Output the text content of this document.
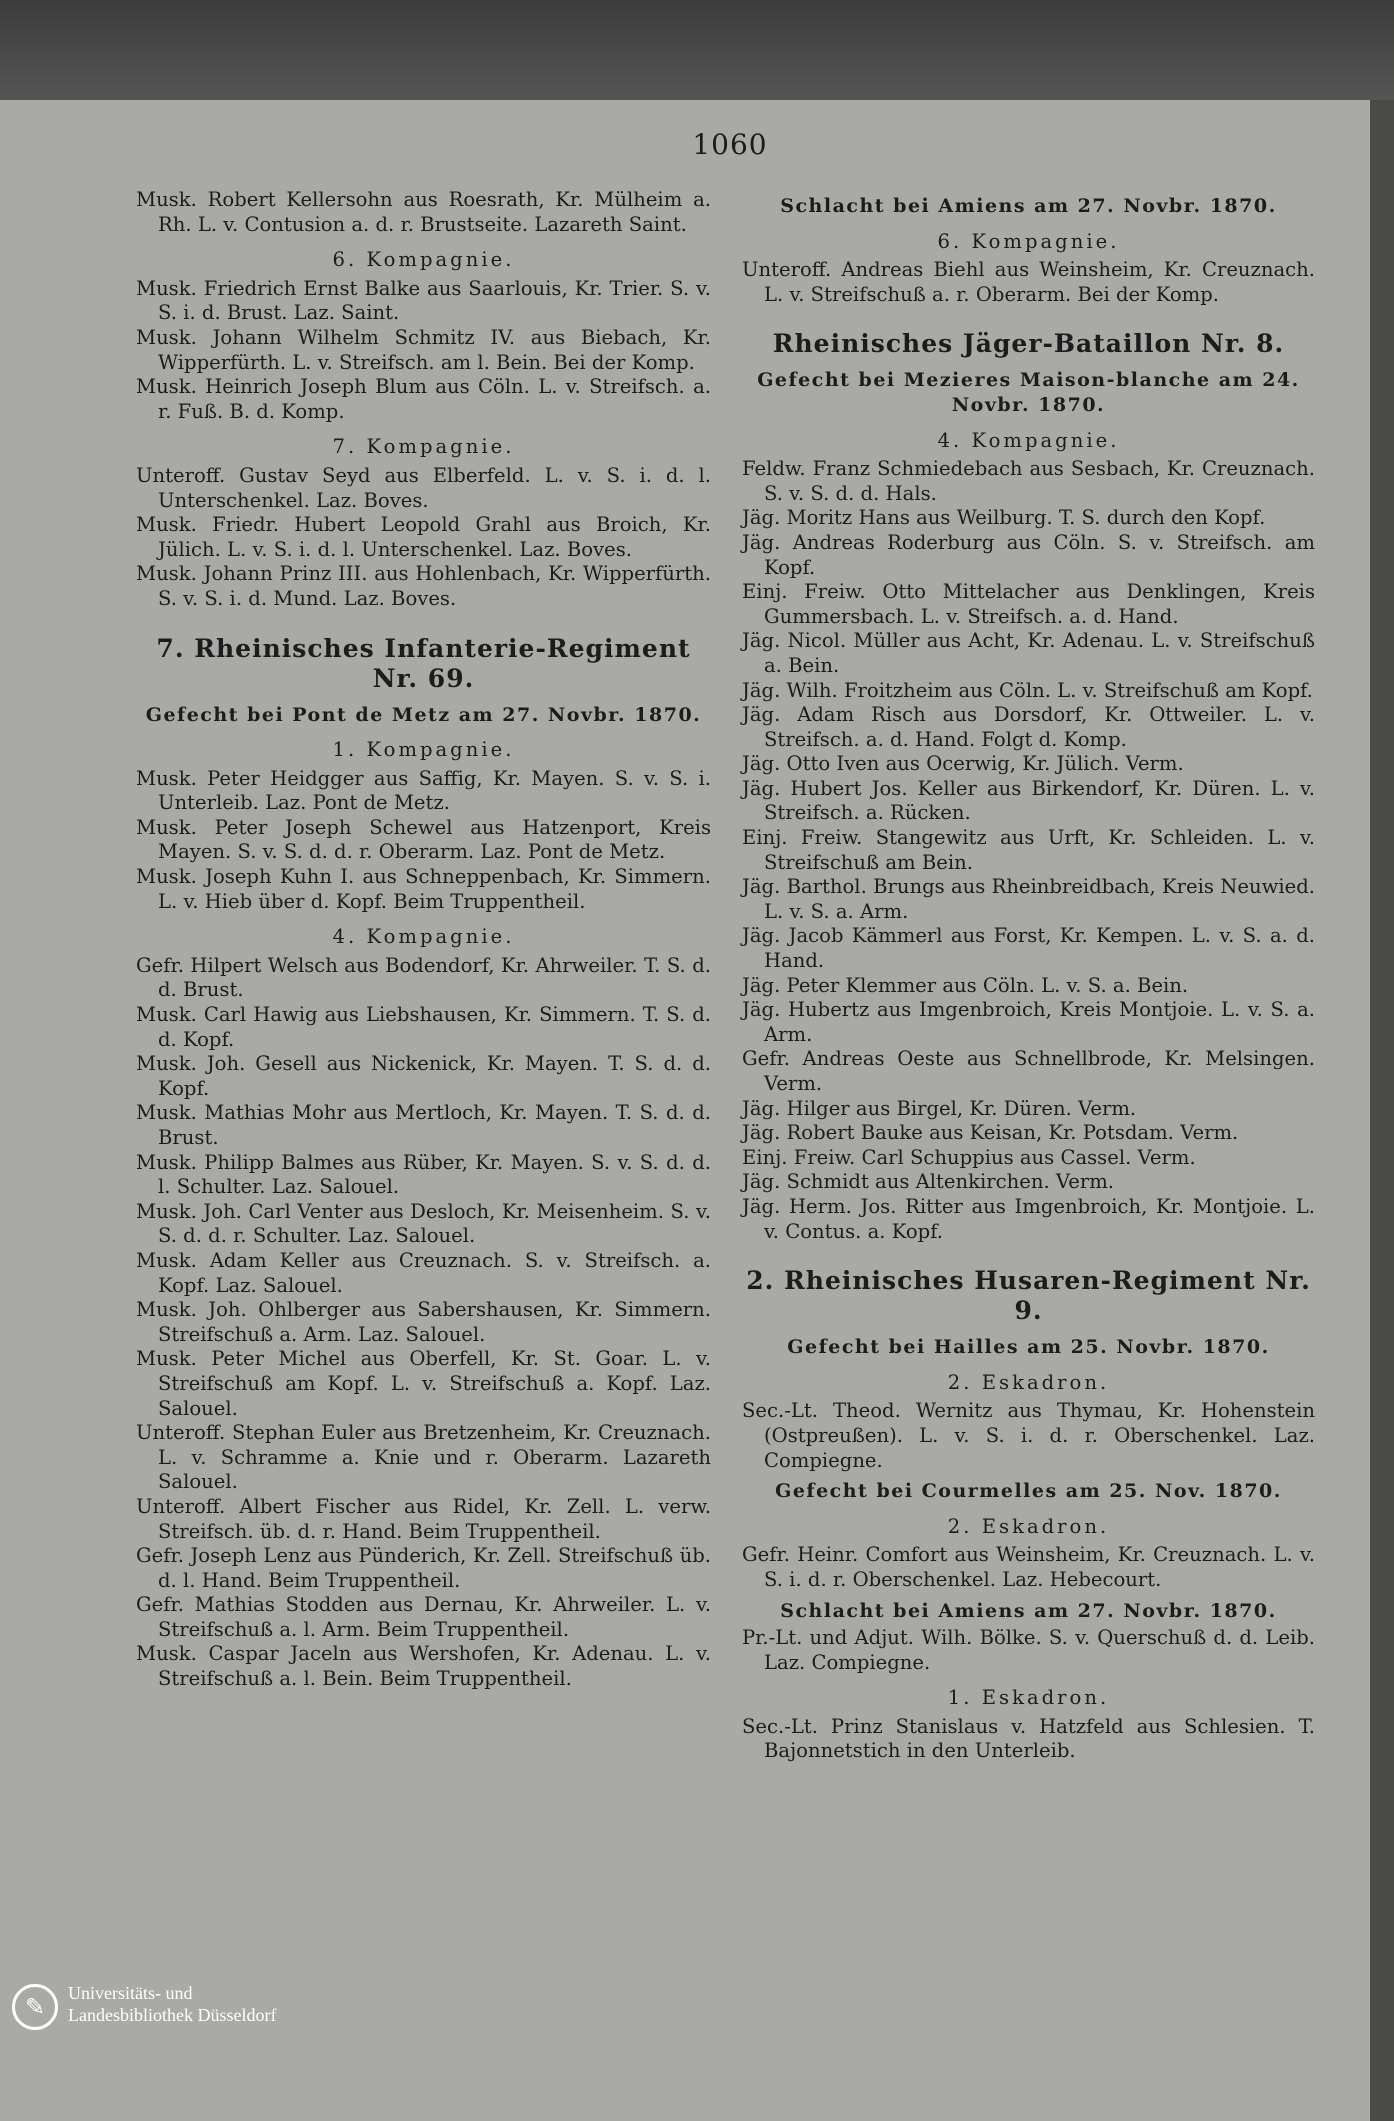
1060
Musk. Robert Kellersohn aus Roesrath, Kr. Mülheim a. Rh. L. v. Contusion a. d. r. Brustseite. Lazareth Saint.
6. Kompagnie.
Musk. Friedrich Ernst Balke aus Saarlouis, Kr. Trier. S. v. S. i. d. Brust. Laz. Saint.
Musk. Johann Wilhelm Schmitz IV. aus Biebach, Kr. Wipperfürth. L. v. Streifsch. am l. Bein. Bei der Komp.
Musk. Heinrich Joseph Blum aus Cöln. L. v. Streifsch. a. r. Fuß. B. d. Komp.
7. Kompagnie.
Unteroff. Gustav Seyd aus Elberfeld. L. v. S. i. d. l. Unterschenkel. Laz. Boves.
Musk. Friedr. Hubert Leopold Grahl aus Broich, Kr. Jülich. L. v. S. i. d. l. Unterschenkel. Laz. Boves.
Musk. Johann Prinz III. aus Hohlenbach, Kr. Wipperfürth. S. v. S. i. d. Mund. Laz. Boves.
7. Rheinisches Infanterie-Regiment Nr. 69.
Gefecht bei Pont de Metz am 27. Novbr. 1870.
1. Kompagnie.
Musk. Peter Heidgger aus Saffig, Kr. Mayen. S. v. S. i. Unterleib. Laz. Pont de Metz.
Musk. Peter Joseph Schewel aus Hatzenport, Kreis Mayen. S. v. S. d. d. r. Oberarm. Laz. Pont de Metz.
Musk. Joseph Kuhn I. aus Schneppenbach, Kr. Simmern. L. v. Hieb über d. Kopf. Beim Truppentheil.
4. Kompagnie.
Gefr. Hilpert Welsch aus Bodendorf, Kr. Ahrweiler. T. S. d. d. Brust.
Musk. Carl Hawig aus Liebshausen, Kr. Simmern. T. S. d. d. Kopf.
Musk. Joh. Gesell aus Nickenick, Kr. Mayen. T. S. d. d. Kopf.
Musk. Mathias Mohr aus Mertloch, Kr. Mayen. T. S. d. d. Brust.
Musk. Philipp Balmes aus Rüber, Kr. Mayen. S. v. S. d. d. l. Schulter. Laz. Salouel.
Musk. Joh. Carl Venter aus Desloch, Kr. Meisenheim. S. v. S. d. d. r. Schulter. Laz. Salouel.
Musk. Adam Keller aus Creuznach. S. v. Streifsch. a. Kopf. Laz. Salouel.
Musk. Joh. Ohlberger aus Sabershausen, Kr. Simmern. Streifschuß a. Arm. Laz. Salouel.
Musk. Peter Michel aus Oberfell, Kr. St. Goar. L. v. Streifschuß am Kopf. L. v. Streifschuß a. Kopf. Laz. Salouel.
Unteroff. Stephan Euler aus Bretzenheim, Kr. Creuznach. L. v. Schramme a. Knie und r. Oberarm. Lazareth Salouel.
Unteroff. Albert Fischer aus Ridel, Kr. Zell. L. verw. Streifsch. üb. d. r. Hand. Beim Truppentheil.
Gefr. Joseph Lenz aus Pünderich, Kr. Zell. Streifschuß üb. d. l. Hand. Beim Truppentheil.
Gefr. Mathias Stodden aus Dernau, Kr. Ahrweiler. L. v. Streifschuß a. l. Arm. Beim Truppentheil.
Musk. Caspar Jaceln aus Wershofen, Kr. Adenau. L. v. Streifschuß a. l. Bein. Beim Truppentheil.
Schlacht bei Amiens am 27. Novbr. 1870.
6. Kompagnie.
Unteroff. Andreas Biehl aus Weinsheim, Kr. Creuznach. L. v. Streifschuß a. r. Oberarm. Bei der Komp.
Rheinisches Jäger-Bataillon Nr. 8.
Gefecht bei Mezieres Maison-blanche am 24. Novbr. 1870.
4. Kompagnie.
Feldw. Franz Schmiedebach aus Sesbach, Kr. Creuznach. S. v. S. d. d. Hals.
Jäg. Moritz Hans aus Weilburg. T. S. durch den Kopf.
Jäg. Andreas Roderburg aus Cöln. S. v. Streifsch. am Kopf.
Einj. Freiw. Otto Mittelacher aus Denklingen, Kreis Gummersbach. L. v. Streifsch. a. d. Hand.
Jäg. Nicol. Müller aus Acht, Kr. Adenau. L. v. Streifschuß a. Bein.
Jäg. Wilh. Froitzheim aus Cöln. L. v. Streifschuß am Kopf.
Jäg. Adam Risch aus Dorsdorf, Kr. Ottweiler. L. v. Streifsch. a. d. Hand. Folgt d. Komp.
Jäg. Otto Iven aus Ocerwig, Kr. Jülich. Verm.
Jäg. Hubert Jos. Keller aus Birkendorf, Kr. Düren. L. v. Streifsch. a. Rücken.
Einj. Freiw. Stangewitz aus Urft, Kr. Schleiden. L. v. Streifschuß am Bein.
Jäg. Barthol. Brungs aus Rheinbreidbach, Kreis Neuwied. L. v. S. a. Arm.
Jäg. Jacob Kämmerl aus Forst, Kr. Kempen. L. v. S. a. d. Hand.
Jäg. Peter Klemmer aus Cöln. L. v. S. a. Bein.
Jäg. Hubertz aus Imgenbroich, Kreis Montjoie. L. v. S. a. Arm.
Gefr. Andreas Oeste aus Schnellbrode, Kr. Melsingen. Verm.
Jäg. Hilger aus Birgel, Kr. Düren. Verm.
Jäg. Robert Bauke aus Keisan, Kr. Potsdam. Verm.
Einj. Freiw. Carl Schuppius aus Cassel. Verm.
Jäg. Schmidt aus Altenkirchen. Verm.
Jäg. Herm. Jos. Ritter aus Imgenbroich, Kr. Montjoie. L. v. Contus. a. Kopf.
2. Rheinisches Husaren-Regiment Nr. 9.
Gefecht bei Hailles am 25. Novbr. 1870.
2. Eskadron.
Sec.-Lt. Theod. Wernitz aus Thymau, Kr. Hohenstein (Ostpreußen). L. v. S. i. d. r. Oberschenkel. Laz. Compiegne.
Gefecht bei Courmelles am 25. Nov. 1870.
2. Eskadron.
Gefr. Heinr. Comfort aus Weinsheim, Kr. Creuznach. L. v. S. i. d. r. Oberschenkel. Laz. Hebecourt.
Schlacht bei Amiens am 27. Novbr. 1870.
Pr.-Lt. und Adjut. Wilh. Bölke. S. v. Querschuß d. d. Leib. Laz. Compiegne.
1. Eskadron.
Sec.-Lt. Prinz Stanislaus v. Hatzfeld aus Schlesien. T. Bajonnetstich in den Unterleib.
✎	Universitäts- und
Landesbibliothek Düsseldorf
